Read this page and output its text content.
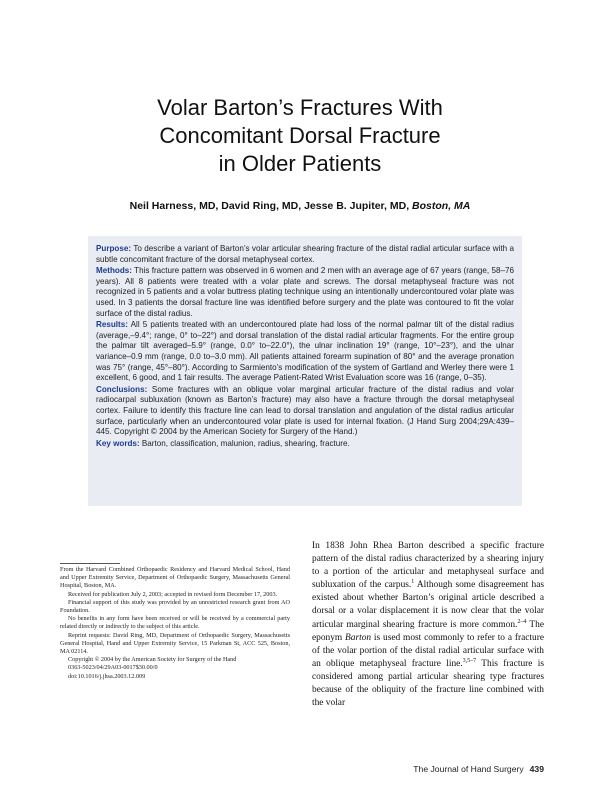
Volar Barton’s Fractures With
Concomitant Dorsal Fracture
in Older Patients
Neil Harness, MD, David Ring, MD, Jesse B. Jupiter, MD, Boston, MA

Purpose: To describe a variant of Barton’s volar articular shearing fracture of the distal radial articular surface with a subtle concomitant fracture of the dorsal metaphyseal cortex.

Methods: This fracture pattern was observed in 6 women and 2 men with an average age of 67 years (range, 58–76 years). All 8 patients were treated with a volar plate and screws. The dorsal metaphyseal fracture was not recognized in 5 patients and a volar buttress plating technique using an intentionally undercontoured volar plate was used. In 3 patients the dorsal fracture line was identified before surgery and the plate was contoured to fit the volar surface of the distal radius.

Results: All 5 patients treated with an undercontoured plate had loss of the normal palmar tilt of the distal radius (average,–9.4°; range, 0° to–22°) and dorsal translation of the distal radial articular fragments. For the entire group the palmar tilt averaged–5.9° (range, 0.0° to–22.0°), the ulnar inclination 19° (range, 10°–23°), and the ulnar variance–0.9 mm (range, 0.0 to–3.0 mm). All patients attained forearm supination of 80° and the average pronation was 75° (range, 45°–80°). According to Sarmiento’s modification of the system of Gartland and Werley there were 1 excellent, 6 good, and 1 fair results. The average Patient-Rated Wrist Evaluation score was 16 (range, 0–35).

Conclusions: Some fractures with an oblique volar marginal articular fracture of the distal radius and volar radiocarpal subluxation (known as Barton’s fracture) may also have a fracture through the dorsal metaphyseal cortex. Failure to identify this fracture line can lead to dorsal translation and angulation of the distal radius articular surface, particularly when an undercontoured volar plate is used for internal fixation. (J Hand Surg 2004;29A:439–445. Copyright © 2004 by the American Society for Surgery of the Hand.)

Key words: Barton, classification, malunion, radius, shearing, fracture.

From the Harvard Combined Orthopaedic Residency and Harvard Medical School, Hand and Upper Extremity Service, Department of Orthopaedic Surgery, Massachusetts General Hospital, Boston, MA.

Received for publication July 2, 2003; accepted in revised form December 17, 2003.

Financial support of this study was provided by an unrestricted research grant from AO Foundation.

No benefits in any form have been received or will be received by a commercial party related directly or indirectly to the subject of this article.

Reprint requests: David Ring, MD, Department of Orthopaedic Surgery, Massachusetts General Hospital, Hand and Upper Extremity Service, 15 Parkman St, ACC 525, Boston, MA 02114.

Copyright © 2004 by the American Society for Surgery of the Hand

0363-5023/04/29A03-0017$30.00/0

doi:10.1016/j.jhsa.2003.12.009

In 1838 John Rhea Barton described a specific fracture pattern of the distal radius characterized by a shearing injury to a portion of the articular and metaphyseal surface and subluxation of the carpus.$^1$ Although some disagreement has existed about whether Barton’s original article described a dorsal or a volar displacement it is now clear that the volar articular marginal shearing fracture is more common.$^{2-4}$ The eponym Barton is used most commonly to refer to a fracture of the volar portion of the distal radial articular surface with an oblique metaphyseal fracture line.$^{3,5-7}$ This fracture is considered among partial articular shearing type fractures because of the obliquity of the fracture line combined with the volar

The Journal of Hand Surgery 439
